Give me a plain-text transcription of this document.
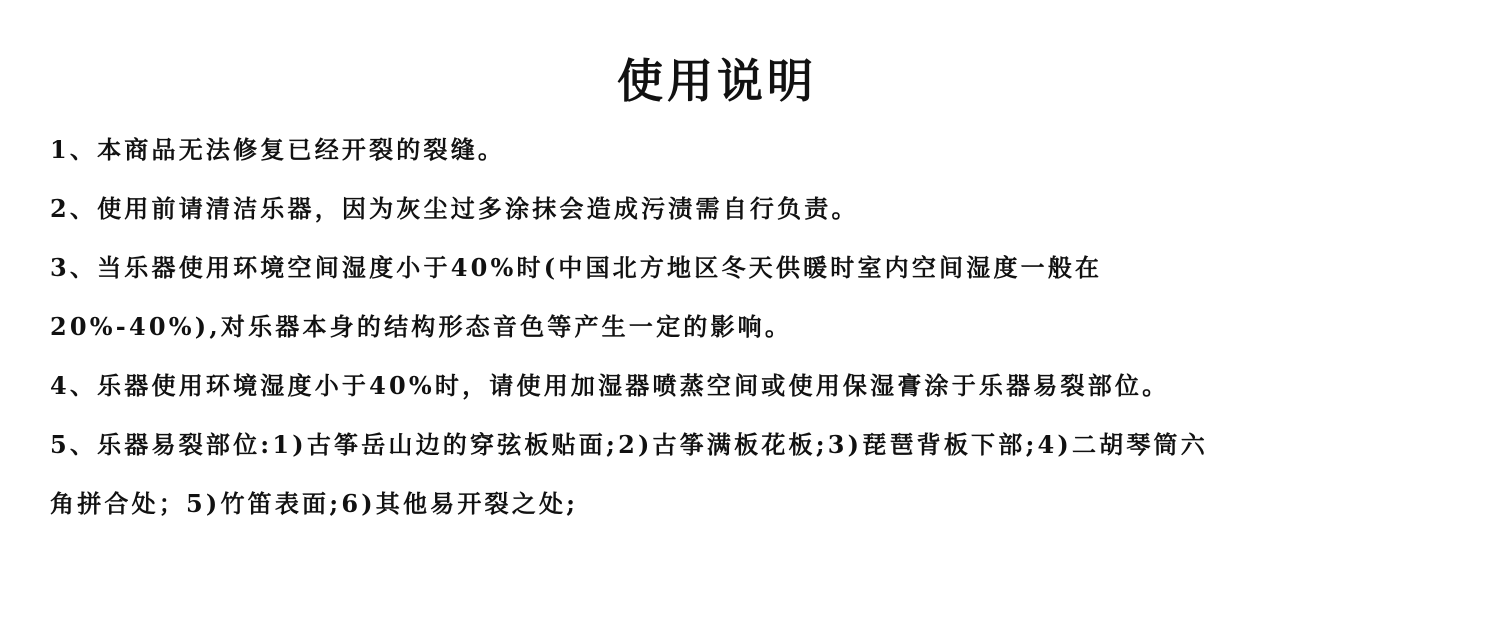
使用说明
1、本商品无法修复已经开裂的裂缝。
2、使用前请清洁乐器，因为灰尘过多涂抹会造成污渍需自行负责。
3、当乐器使用环境空间湿度小于40%时(中国北方地区冬天供暖时室内空间湿度一般在
20%-40%),对乐器本身的结构形态音色等产生一定的影响。
4、乐器使用环境湿度小于40%时，请使用加湿器喷蒸空间或使用保湿膏涂于乐器易裂部位。
5、乐器易裂部位:1)古筝岳山边的穿弦板贴面;2)古筝满板花板;3)琵琶背板下部;4)二胡琴筒六
角拼合处；5)竹笛表面;6)其他易开裂之处;
